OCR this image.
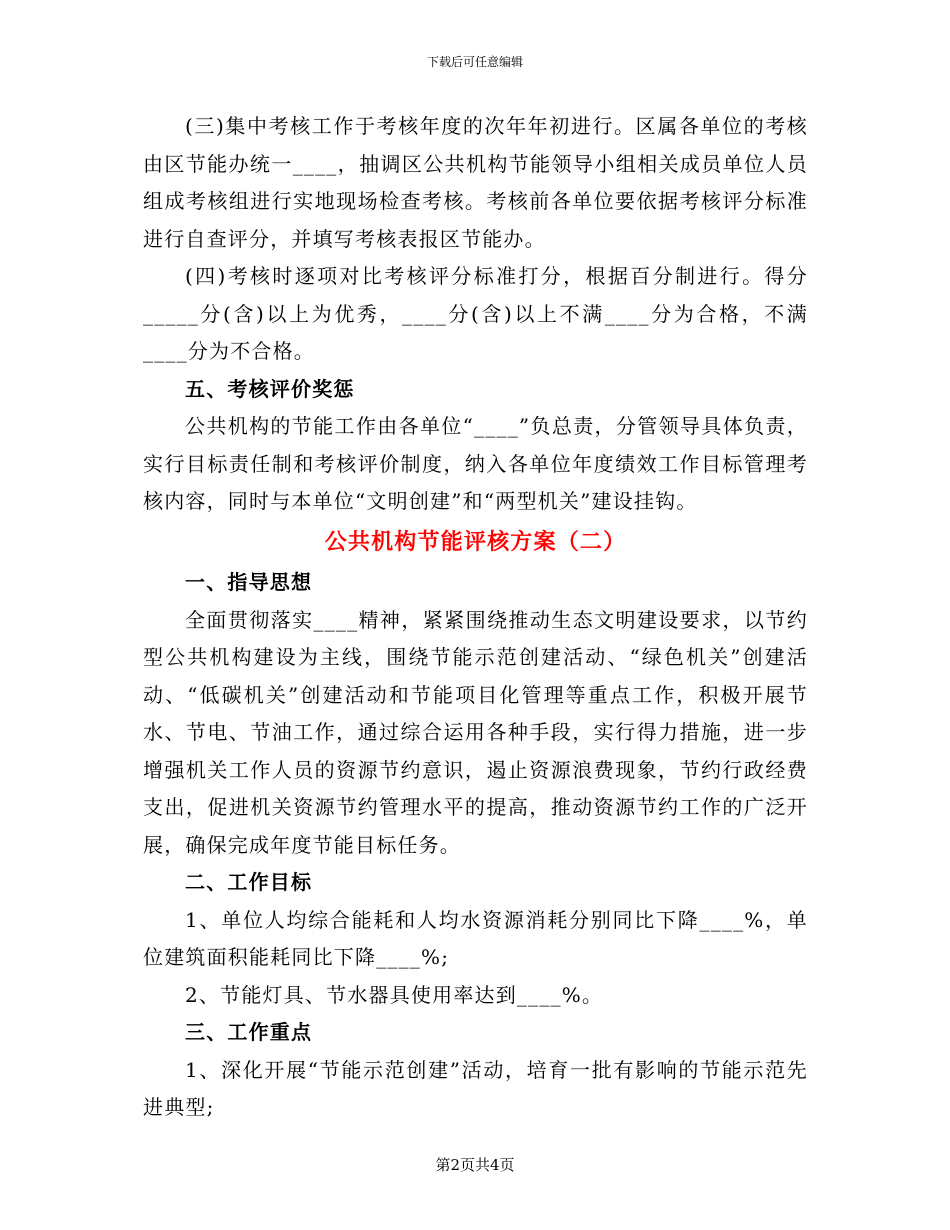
下载后可任意编辑

(三)集中考核工作于考核年度的次年年初进行。区属各单位的考核由区节能办统一____，抽调区公共机构节能领导小组相关成员单位人员组成考核组进行实地现场检查考核。考核前各单位要依据考核评分标准进行自查评分，并填写考核表报区节能办。

(四)考核时逐项对比考核评分标准打分，根据百分制进行。得分_____分(含)以上为优秀，____分(含)以上不满____分为合格，不满____分为不合格。

五、考核评价奖惩

公共机构的节能工作由各单位“____”负总责，分管领导具体负责，实行目标责任制和考核评价制度，纳入各单位年度绩效工作目标管理考核内容，同时与本单位“文明创建”和“两型机关”建设挂钩。

公共机构节能评核方案（二）

一、指导思想

全面贯彻落实____精神，紧紧围绕推动生态文明建设要求，以节约型公共机构建设为主线，围绕节能示范创建活动、“绿色机关”创建活动、“低碳机关”创建活动和节能项目化管理等重点工作，积极开展节水、节电、节油工作，通过综合运用各种手段，实行得力措施，进一步增强机关工作人员的资源节约意识，遏止资源浪费现象，节约行政经费支出，促进机关资源节约管理水平的提高，推动资源节约工作的广泛开展，确保完成年度节能目标任务。

二、工作目标

1、单位人均综合能耗和人均水资源消耗分别同比下降____%，单位建筑面积能耗同比下降____%;

2、节能灯具、节水器具使用率达到____%。

三、工作重点

1、深化开展“节能示范创建”活动，培育一批有影响的节能示范先进典型;

第2页共4页
